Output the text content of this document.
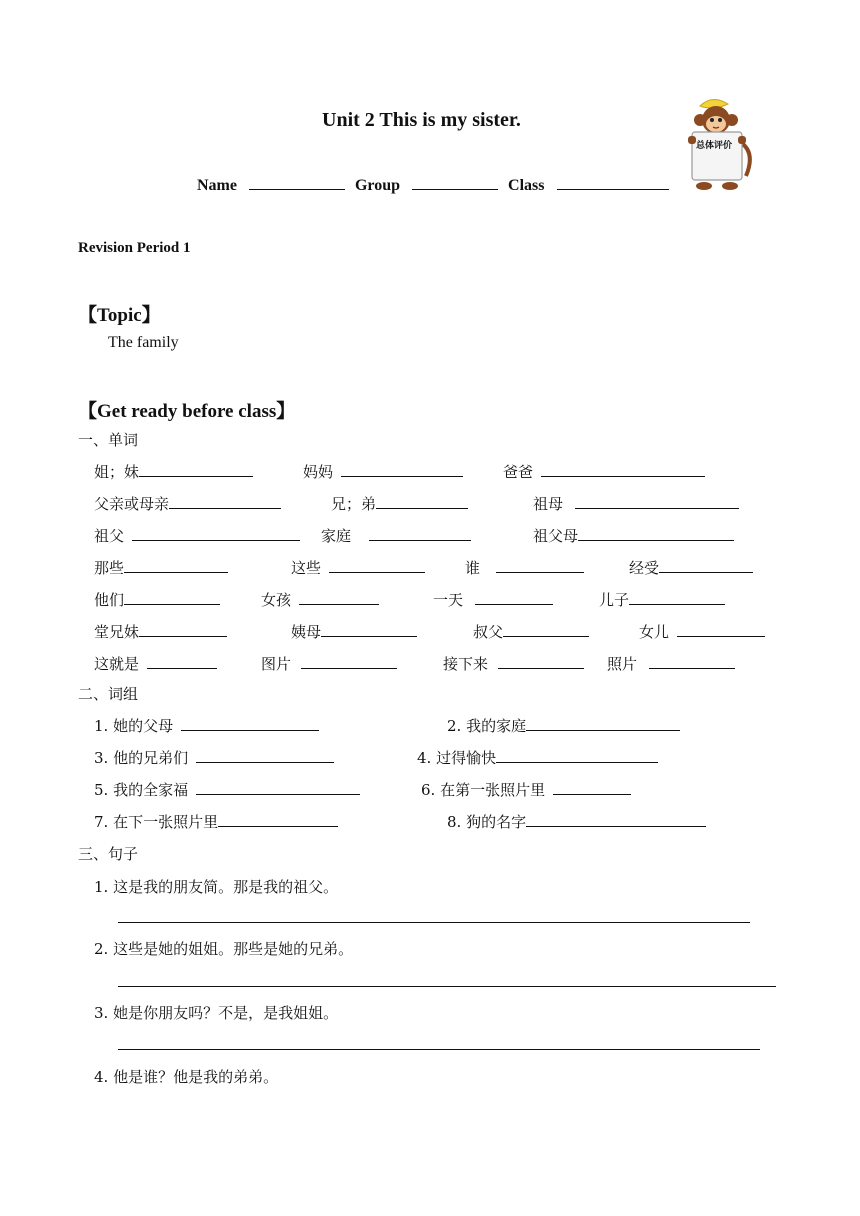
Unit 2 This is my sister.
Name	Group	Class
总体评价
Revision Period 1
【Topic】
The family
【Get ready before class】
一、单词
姐；妹	妈妈	爸爸
父亲或母亲	兄；弟	祖母
祖父	家庭	祖父母
那些	这些	谁	经受
他们	女孩	一天	儿子
堂兄妹	姨母	叔父	女儿
这就是	图片	接下来	照片
二、词组
1. 她的父母	2. 我的家庭
3. 他的兄弟们	4. 过得愉快
5. 我的全家福	6. 在第一张照片里
7. 在下一张照片里	8. 狗的名字
三、句子
1. 这是我的朋友简。那是我的祖父。
2. 这些是她的姐姐。那些是她的兄弟。
3. 她是你朋友吗？不是，是我姐姐。
4. 他是谁？他是我的弟弟。
